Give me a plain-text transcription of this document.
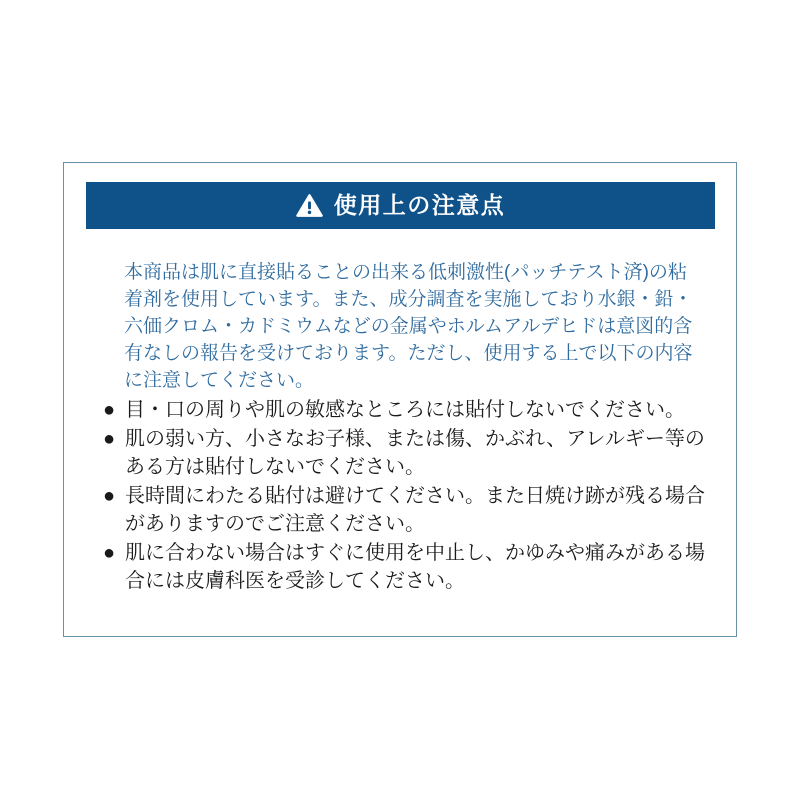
使用上の注意点

本商品は肌に直接貼ることの出来る低刺激性(パッチテスト済)の粘着剤を使用しています。また、成分調査を実施しており水銀・鉛・六価クロム・カドミウムなどの金属やホルムアルデヒドは意図的含有なしの報告を受けております。ただし、使用する上で以下の内容に注意してください。

● 目・口の周りや肌の敏感なところには貼付しないでください。
● 肌の弱い方、小さなお子様、または傷、かぶれ、アレルギー等のある方は貼付しないでください。
● 長時間にわたる貼付は避けてください。また日焼け跡が残る場合がありますのでご注意ください。
● 肌に合わない場合はすぐに使用を中止し、かゆみや痛みがある場合には皮膚科医を受診してください。
